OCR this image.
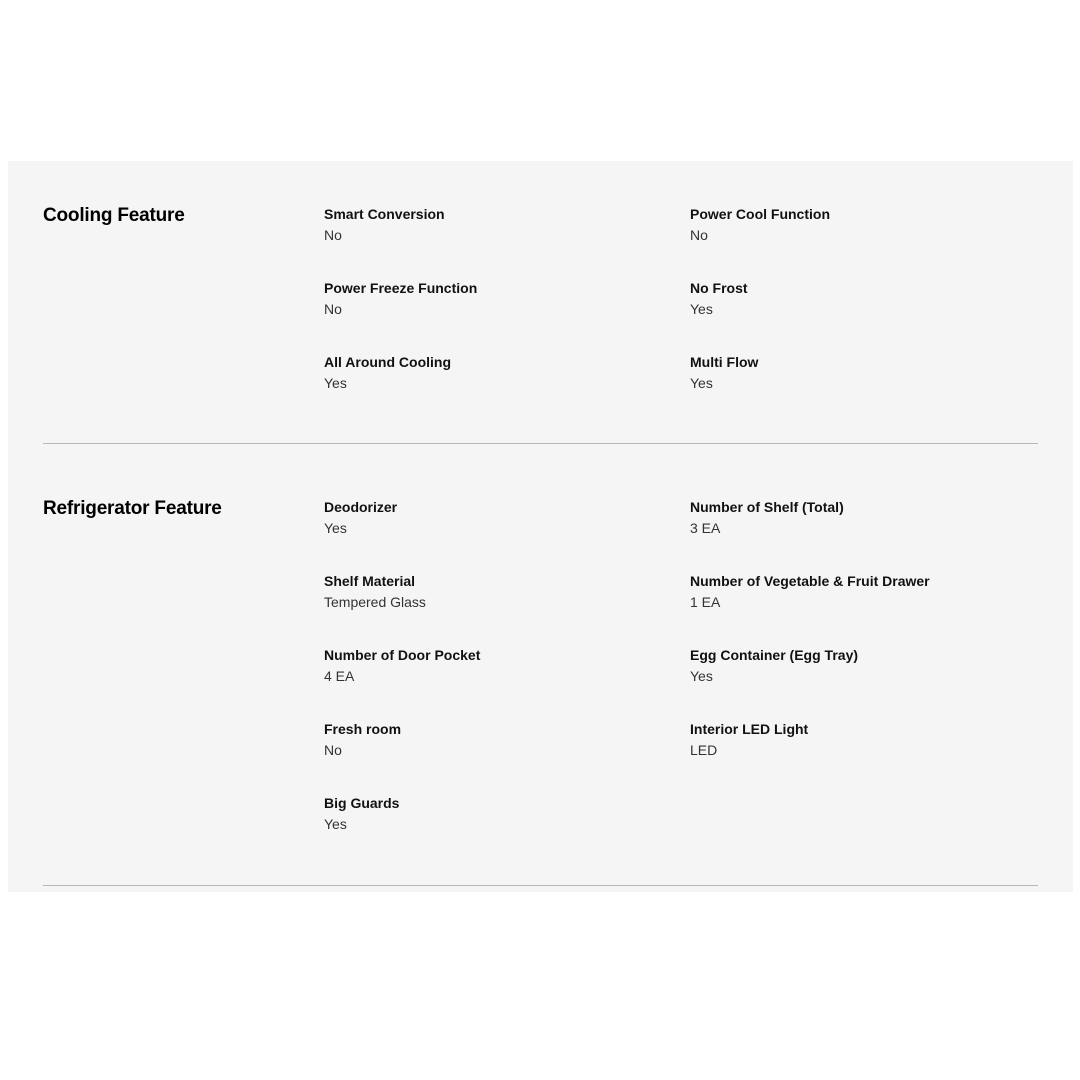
Cooling Feature	Smart Conversion
No
Power Cool Function
No
Power Freeze Function
No
No Frost
Yes
All Around Cooling
Yes
Multi Flow
Yes
Refrigerator Feature	Deodorizer
Yes
Number of Shelf (Total)
3 EA
Shelf Material
Tempered Glass
Number of Vegetable & Fruit Drawer
1 EA
Number of Door Pocket
4 EA
Egg Container (Egg Tray)
Yes
Fresh room
No
Interior LED Light
LED
Big Guards
Yes
